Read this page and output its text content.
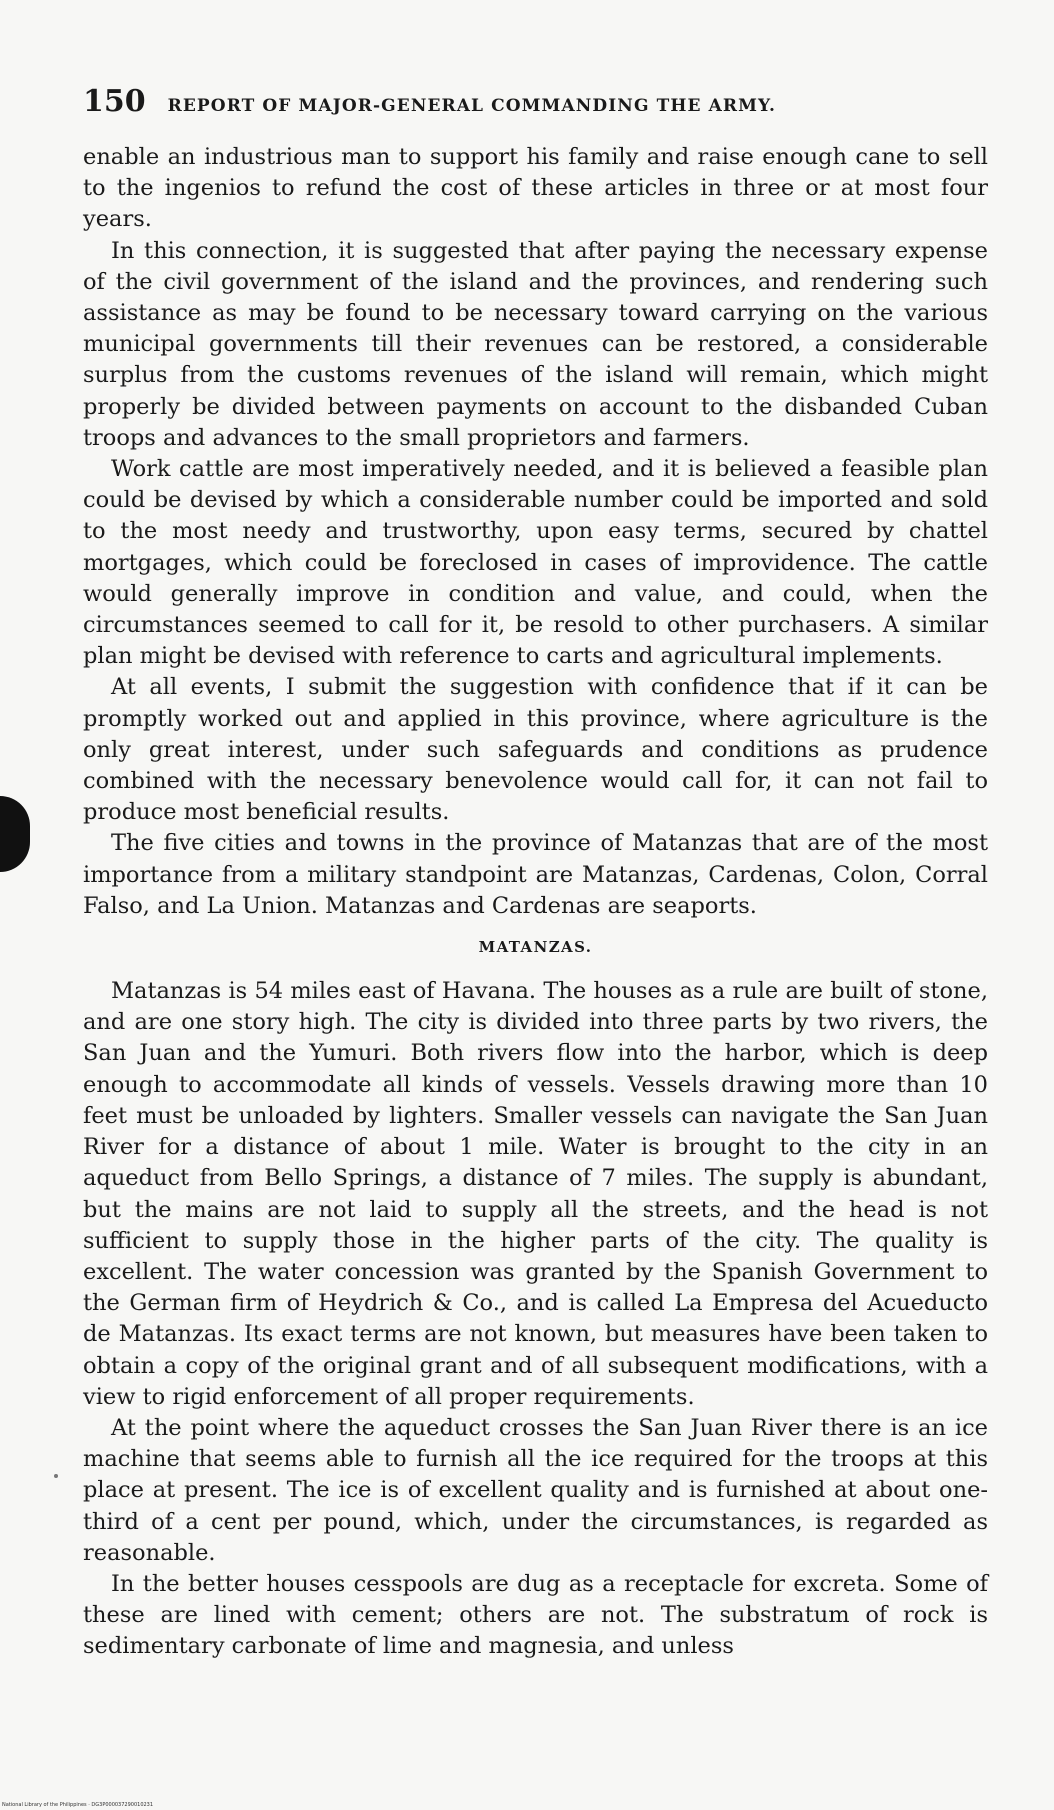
150 REPORT OF MAJOR-GENERAL COMMANDING THE ARMY.

enable an industrious man to support his family and raise enough cane to sell to the ingenios to refund the cost of these articles in three or at most four years.

In this connection, it is suggested that after paying the necessary expense of the civil government of the island and the provinces, and rendering such assistance as may be found to be necessary toward carrying on the various municipal governments till their revenues can be restored, a considerable surplus from the customs revenues of the island will remain, which might properly be divided between payments on account to the disbanded Cuban troops and advances to the small proprietors and farmers.

Work cattle are most imperatively needed, and it is believed a feasible plan could be devised by which a considerable number could be imported and sold to the most needy and trustworthy, upon easy terms, secured by chattel mortgages, which could be foreclosed in cases of improvidence. The cattle would generally improve in condition and value, and could, when the circumstances seemed to call for it, be resold to other purchasers. A similar plan might be devised with reference to carts and agricultural implements.

At all events, I submit the suggestion with confidence that if it can be promptly worked out and applied in this province, where agriculture is the only great interest, under such safeguards and conditions as prudence combined with the necessary benevolence would call for, it can not fail to produce most beneficial results.

The five cities and towns in the province of Matanzas that are of the most importance from a military standpoint are Matanzas, Cardenas, Colon, Corral Falso, and La Union. Matanzas and Cardenas are seaports.

MATANZAS.

Matanzas is 54 miles east of Havana. The houses as a rule are built of stone, and are one story high. The city is divided into three parts by two rivers, the San Juan and the Yumuri. Both rivers flow into the harbor, which is deep enough to accommodate all kinds of vessels. Vessels drawing more than 10 feet must be unloaded by lighters. Smaller vessels can navigate the San Juan River for a distance of about 1 mile. Water is brought to the city in an aqueduct from Bello Springs, a distance of 7 miles. The supply is abundant, but the mains are not laid to supply all the streets, and the head is not sufficient to supply those in the higher parts of the city. The quality is excellent. The water concession was granted by the Spanish Government to the German firm of Heydrich & Co., and is called La Empresa del Acueducto de Matanzas. Its exact terms are not known, but measures have been taken to obtain a copy of the original grant and of all subsequent modifications, with a view to rigid enforcement of all proper requirements.

At the point where the aqueduct crosses the San Juan River there is an ice machine that seems able to furnish all the ice required for the troops at this place at present. The ice is of excellent quality and is furnished at about one-third of a cent per pound, which, under the circumstances, is regarded as reasonable.

In the better houses cesspools are dug as a receptacle for excreta. Some of these are lined with cement; others are not. The substratum of rock is sedimentary carbonate of lime and magnesia, and unless

National Library of the Philippines · DG3P000037290010231
